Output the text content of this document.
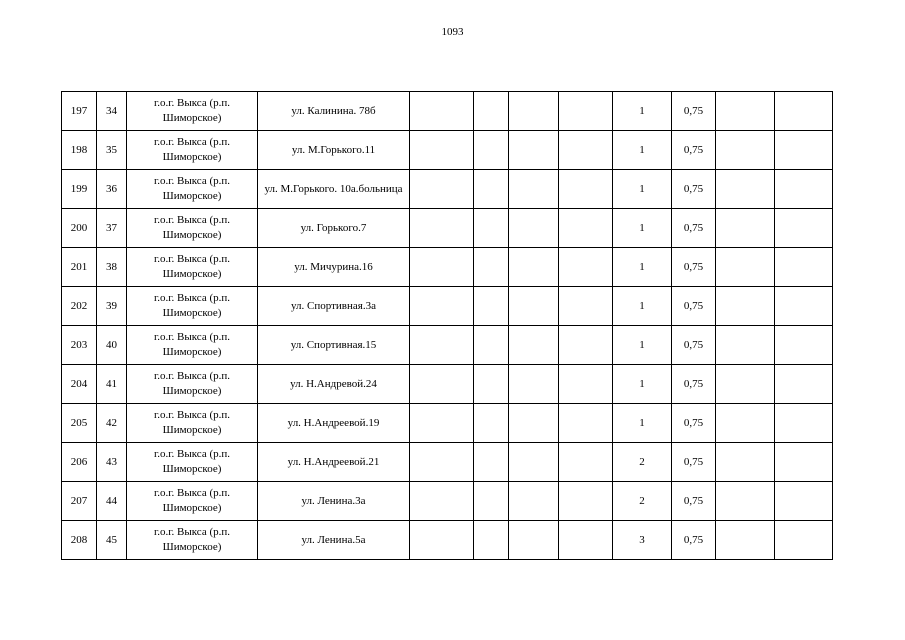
1093
197	34	г.о.г. Выкса (р.п. Шиморское)	ул. Калинина. 78б					1	0,75		
198	35	г.о.г. Выкса (р.п. Шиморское)	ул. М.Горького.11					1	0,75		
199	36	г.о.г. Выкса (р.п. Шиморское)	ул. М.Горького. 10а.больница					1	0,75		
200	37	г.о.г. Выкса (р.п. Шиморское)	ул. Горького.7					1	0,75		
201	38	г.о.г. Выкса (р.п. Шиморское)	ул. Мичурина.16					1	0,75		
202	39	г.о.г. Выкса (р.п. Шиморское)	ул. Спортивная.3а					1	0,75		
203	40	г.о.г. Выкса (р.п. Шиморское)	ул. Спортивная.15					1	0,75		
204	41	г.о.г. Выкса (р.п. Шиморское)	ул. Н.Андревой.24					1	0,75		
205	42	г.о.г. Выкса (р.п. Шиморское)	ул. Н.Андреевой.19					1	0,75		
206	43	г.о.г. Выкса (р.п. Шиморское)	ул. Н.Андреевой.21					2	0,75		
207	44	г.о.г. Выкса (р.п. Шиморское)	ул. Ленина.3а					2	0,75		
208	45	г.о.г. Выкса (р.п. Шиморское)	ул. Ленина.5а					3	0,75		
